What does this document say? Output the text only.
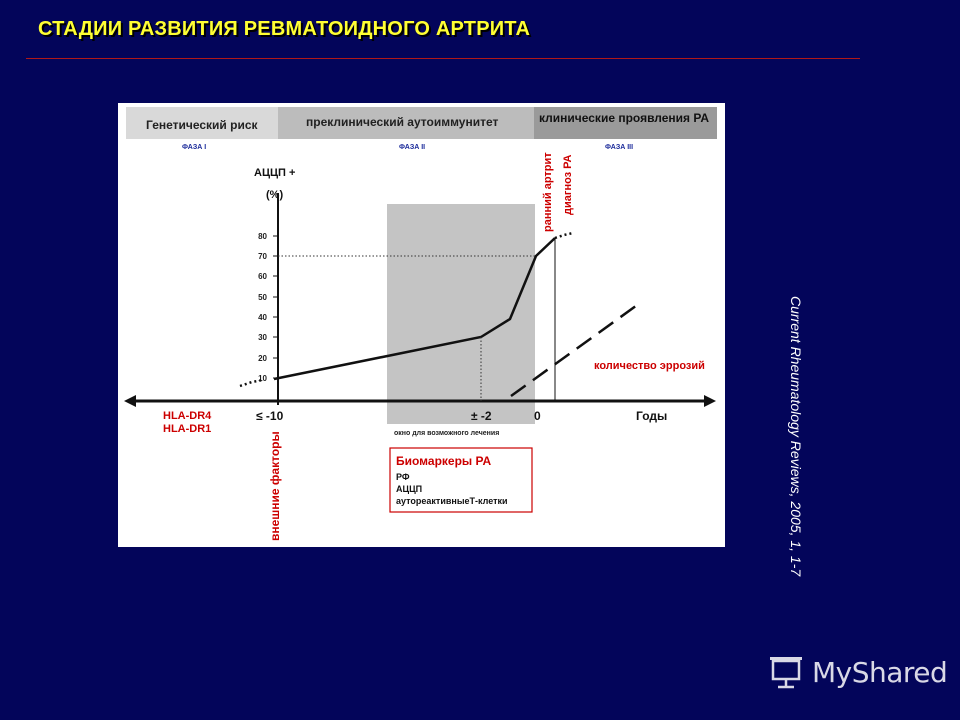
СТАДИИ РАЗВИТИЯ РЕВМАТОИДНОГО АРТРИТА
Генетический риск	преклинический аутоиммунитет	клинические проявления РА
ФАЗА I	ФАЗА II	ФАЗА III
АЦЦП +
(%)
10
20
30
40
50
60
70
80
количество эррозий
≤ -10	± -2	0	Годы
HLA-DR4
HLA-DR1	окно для возможного лечения
внешние факторы
ранний артрит диагноз РА
Биомаркеры РА
РФ
АЦЦП
аутореактивныеТ-клетки	Current Rheumatology Reviews, 2005, 1, 1-7
MyShared
